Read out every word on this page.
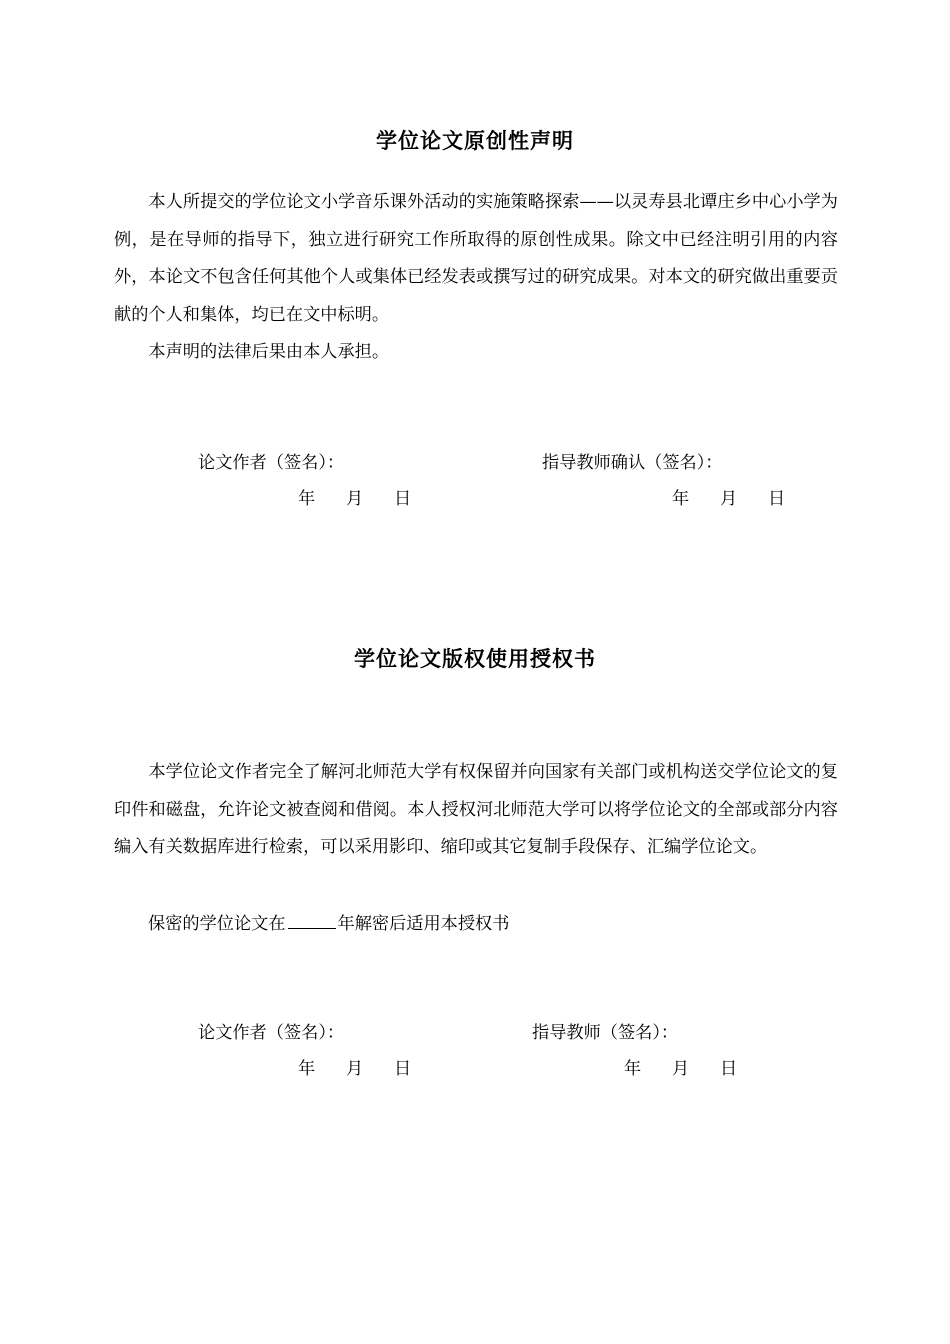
学位论文原创性声明

本人所提交的学位论文小学音乐课外活动的实施策略探索——以灵寿县北谭庄乡中心小学为例，是在导师的指导下，独立进行研究工作所取得的原创性成果。除文中已经注明引用的内容外，本论文不包含任何其他个人或集体已经发表或撰写过的研究成果。对本文的研究做出重要贡献的个人和集体，均已在文中标明。

本声明的法律后果由本人承担。

论文作者（签名）：	指导教师确认（签名）：
年 月 日	年 月 日
学位论文版权使用授权书

本学位论文作者完全了解河北师范大学有权保留并向国家有关部门或机构送交学位论文的复印件和磁盘，允许论文被查阅和借阅。本人授权河北师范大学可以将学位论文的全部或部分内容编入有关数据库进行检索，可以采用影印、缩印或其它复制手段保存、汇编学位论文。

保密的学位论文在	年解密后适用本授权书
论文作者（签名）：	指导教师（签名）：
年 月 日	年 月 日
